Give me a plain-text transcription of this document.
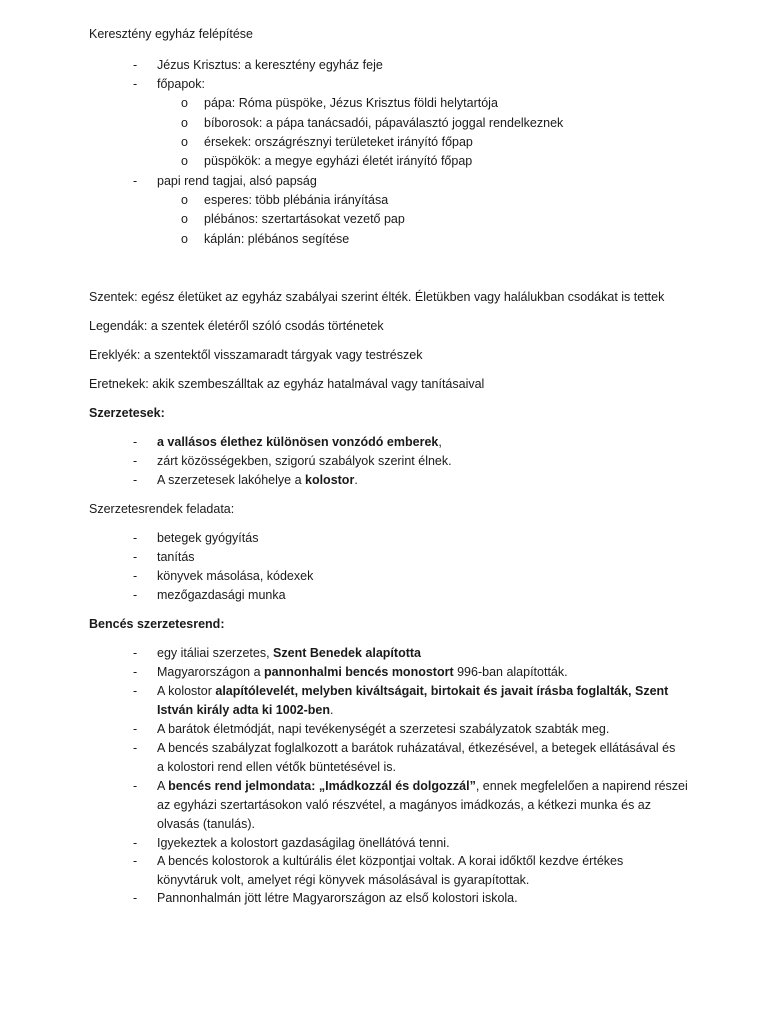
Keresztény egyház felépítése
- Jézus Krisztus: a keresztény egyház feje
- főpapok:
o pápa: Róma püspöke, Jézus Krisztus földi helytartója
o bíborosok: a pápa tanácsadói, pápaválasztó joggal rendelkeznek
o érsekek: országrésznyi területeket irányító főpap
o püspökök: a megye egyházi életét irányító főpap
- papi rend tagjai, alsó papság
o esperes: több plébánia irányítása
o plébános: szertartásokat vezető pap
o káplán: plébános segítése
Szentek: egész életüket az egyház szabályai szerint élték. Életükben vagy halálukban csodákat is tettek
Legendák: a szentek életéről szóló csodás történetek
Ereklyék: a szentektől visszamaradt tárgyak vagy testrészek
Eretnekek: akik szembeszálltak az egyház hatalmával vagy tanításaival
Szerzetesek:
- a vallásos élethez különösen vonzódó emberek,
- zárt közösségekben, szigorú szabályok szerint élnek.
- A szerzetesek lakóhelye a kolostor.
Szerzetesrendek feladata:
- betegek gyógyítás
- tanítás
- könyvek másolása, kódexek
- mezőgazdasági munka
Bencés szerzetesrend:
- egy itáliai szerzetes, Szent Benedek alapította
- Magyarországon a pannonhalmi bencés monostort 996-ban alapították.
- A kolostor alapítólevelét, melyben kiváltságait, birtokait és javait írásba foglalták, Szent
István király adta ki 1002-ben.
- A barátok életmódját, napi tevékenységét a szerzetesi szabályzatok szabták meg.
- A bencés szabályzat foglalkozott a barátok ruházatával, étkezésével, a betegek ellátásával és
a kolostori rend ellen vétők büntetésével is.
- A bencés rend jelmondata: „Imádkozzál és dolgozzál”, ennek megfelelően a napirend részei
az egyházi szertartásokon való részvétel, a magányos imádkozás, a kétkezi munka és az
olvasás (tanulás).
- Igyekeztek a kolostort gazdaságilag önellátóvá tenni.
- A bencés kolostorok a kultúrális élet központjai voltak. A korai időktől kezdve értékes
könyvtáruk volt, amelyet régi könyvek másolásával is gyarapítottak.
- Pannonhalmán jött létre Magyarországon az első kolostori iskola.
